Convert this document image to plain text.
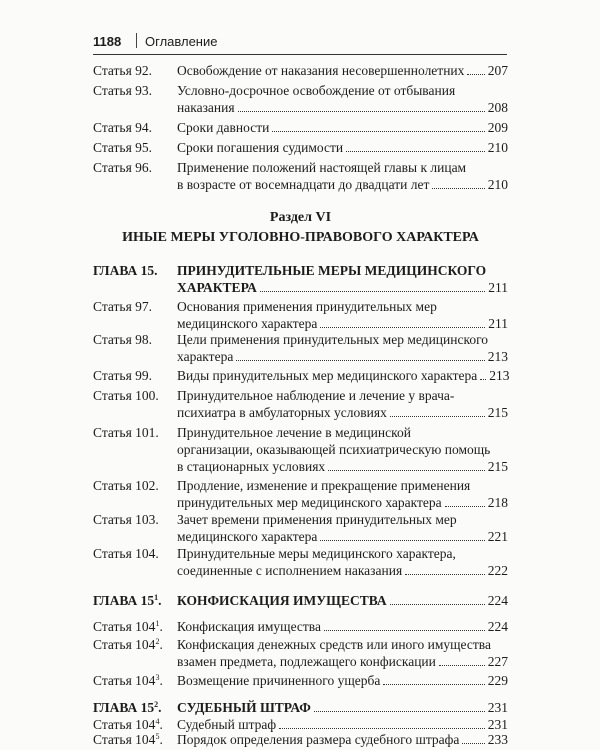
1188 Оглавление
Статья 92. Освобождение от наказания несовершеннолетних 207
Статья 93. Условно-досрочное освобождение от отбывания
наказания	208
Статья 94. Сроки давности	209
Статья 95. Сроки погашения судимости	210
Статья 96. Применение положений настоящей главы к лицам
в возрасте от восемнадцати до двадцати лет	210
Раздел VI
ИНЫЕ МЕРЫ УГОЛОВНО-ПРАВОВОГО ХАРАКТЕРА
ГЛАВА 15. ПРИНУДИТЕЛЬНЫЕ МЕРЫ МЕДИЦИНСКОГО
ХАРАКТЕРА	211
Статья 97. Основания применения принудительных мер
медицинского характера	211
Статья 98. Цели применения принудительных мер медицинского
характера	213
Статья 99. Виды принудительных мер медицинского характера 213
Статья 100. Принудительное наблюдение и лечение у врача-
психиатра в амбулаторных условиях	215
Статья 101. Принудительное лечение в медицинской
организации, оказывающей психиатрическую помощь
в стационарных условиях	215
Статья 102. Продление, изменение и прекращение применения
принудительных мер медицинского характера	218
Статья 103. Зачет времени применения принудительных мер
медицинского характера	221
Статья 104. Принудительные меры медицинского характера,
соединенные с исполнением наказания	222
ГЛАВА $15^1$. КОНФИСКАЦИЯ ИМУЩЕСТВА	224
Статья $104^1$. Конфискация имущества	224
Статья $104^2$. Конфискация денежных средств или иного имущества
взамен предмета, подлежащего конфискации	227
Статья $104^3$. Возмещение причиненного ущерба	229
ГЛАВА $15^2$. СУДЕБНЫЙ ШТРАФ	231
Статья $104^4$. Судебный штраф	231
Статья $104^5$. Порядок определения размера судебного штрафа 233
